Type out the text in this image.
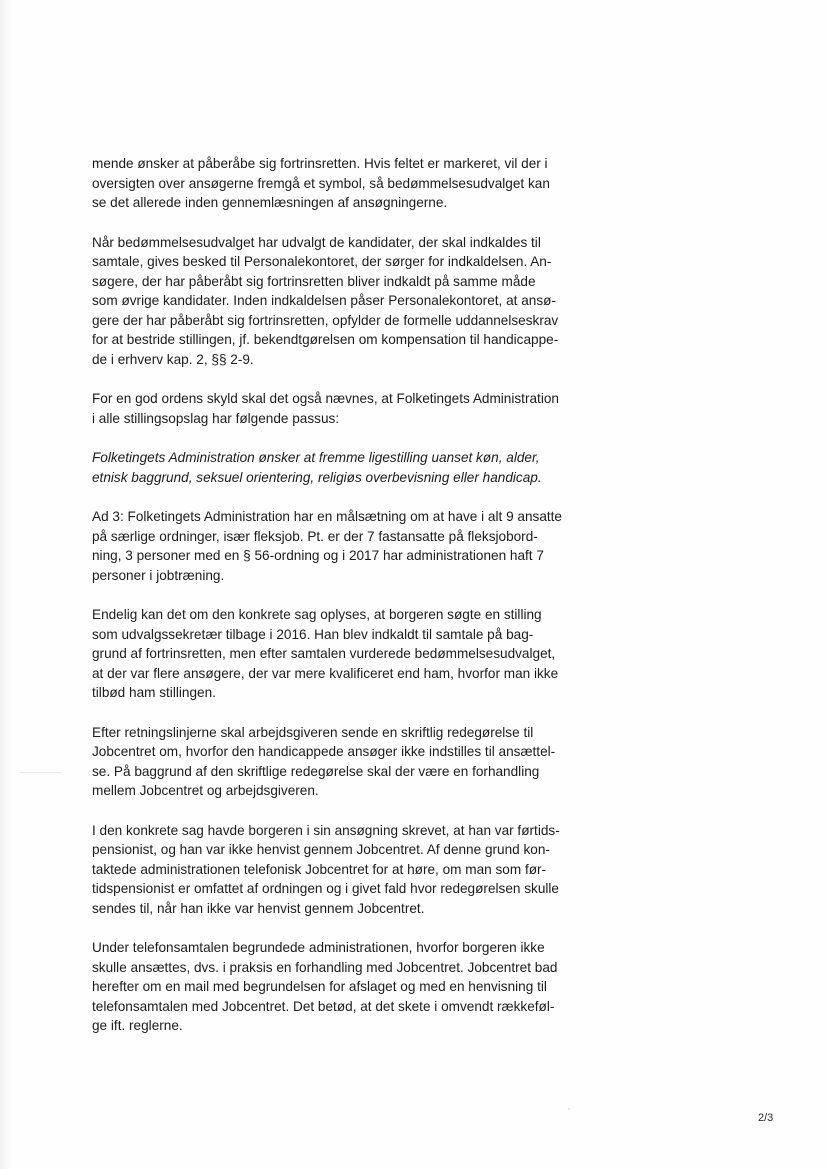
mende ønsker at påberåbe sig fortrinsretten. Hvis feltet er markeret, vil der i
oversigten over ansøgerne fremgå et symbol, så bedømmelsesudvalget kan
se det allerede inden gennemlæsningen af ansøgningerne.

Når bedømmelsesudvalget har udvalgt de kandidater, der skal indkaldes til
samtale, gives besked til Personalekontoret, der sørger for indkaldelsen. An-
søgere, der har påberåbt sig fortrinsretten bliver indkaldt på samme måde
som øvrige kandidater. Inden indkaldelsen påser Personalekontoret, at ansø-
gere der har påberåbt sig fortrinsretten, opfylder de formelle uddannelseskrav
for at bestride stillingen, jf. bekendtgørelsen om kompensation til handicappe-
de i erhverv kap. 2, §§ 2-9.

For en god ordens skyld skal det også nævnes, at Folketingets Administration
i alle stillingsopslag har følgende passus:

Folketingets Administration ønsker at fremme ligestilling uanset køn, alder,
etnisk baggrund, seksuel orientering, religiøs overbevisning eller handicap.

Ad 3: Folketingets Administration har en målsætning om at have i alt 9 ansatte
på særlige ordninger, især fleksjob. Pt. er der 7 fastansatte på fleksjobord-
ning, 3 personer med en § 56-ordning og i 2017 har administrationen haft 7
personer i jobtræning.

Endelig kan det om den konkrete sag oplyses, at borgeren søgte en stilling
som udvalgssekretær tilbage i 2016. Han blev indkaldt til samtale på bag-
grund af fortrinsretten, men efter samtalen vurderede bedømmelsesudvalget,
at der var flere ansøgere, der var mere kvalificeret end ham, hvorfor man ikke
tilbød ham stillingen.

Efter retningslinjerne skal arbejdsgiveren sende en skriftlig redegørelse til
Jobcentret om, hvorfor den handicappede ansøger ikke indstilles til ansættel-
se. På baggrund af den skriftlige redegørelse skal der være en forhandling
mellem Jobcentret og arbejdsgiveren.

I den konkrete sag havde borgeren i sin ansøgning skrevet, at han var førtids-
pensionist, og han var ikke henvist gennem Jobcentret. Af denne grund kon-
taktede administrationen telefonisk Jobcentret for at høre, om man som før-
tidspensionist er omfattet af ordningen og i givet fald hvor redegørelsen skulle
sendes til, når han ikke var henvist gennem Jobcentret.

Under telefonsamtalen begrundede administrationen, hvorfor borgeren ikke
skulle ansættes, dvs. i praksis en forhandling med Jobcentret. Jobcentret bad
herefter om en mail med begrundelsen for afslaget og med en henvisning til
telefonsamtalen med Jobcentret. Det betød, at det skete i omvendt rækkeføl-
ge ift. reglerne.

2/3
